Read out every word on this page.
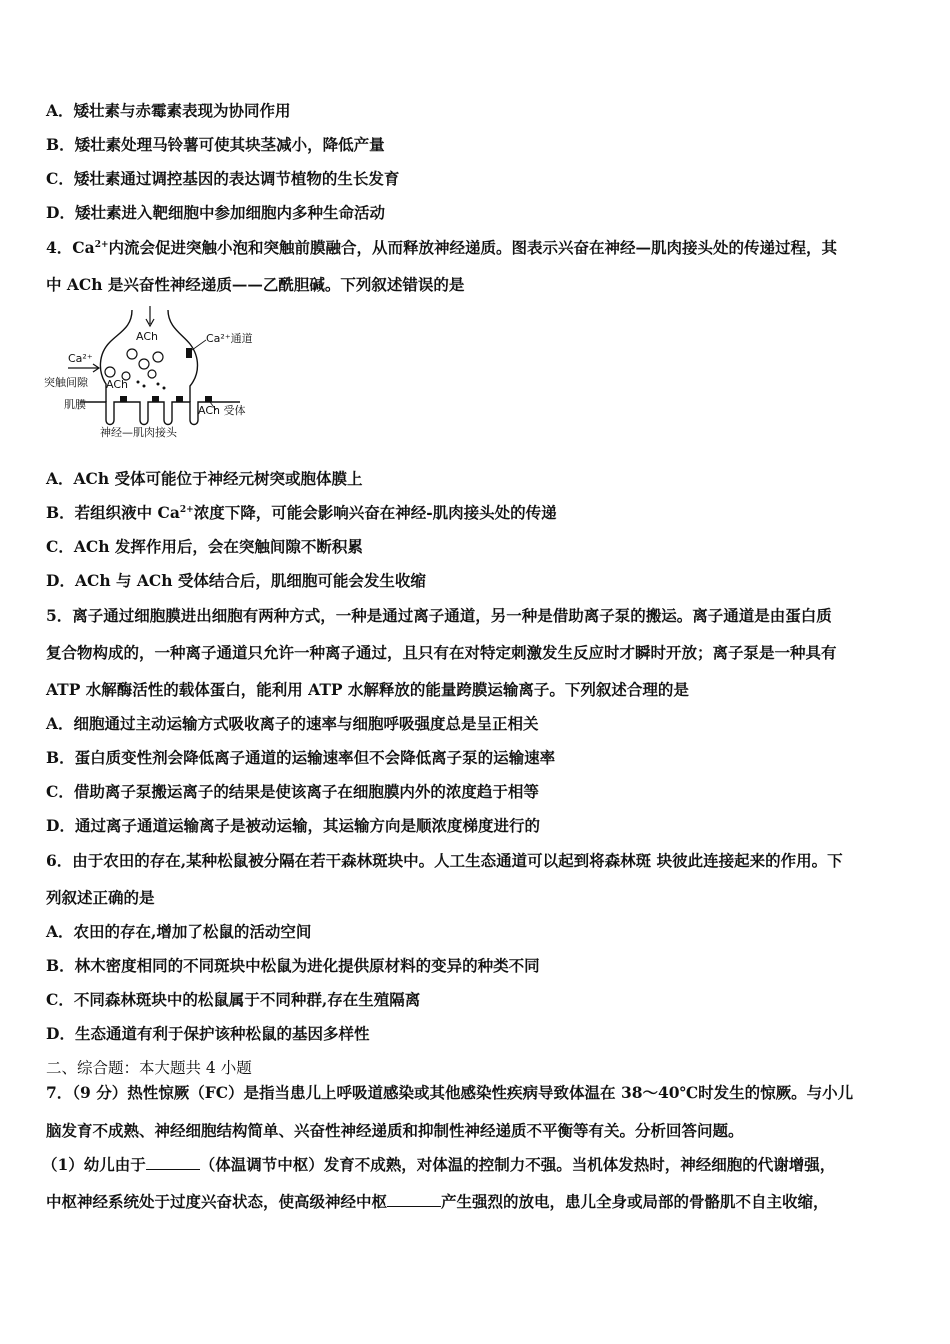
A．矮壮素与赤霉素表现为协同作用
B．矮壮素处理马铃薯可使其块茎减小，降低产量
C．矮壮素通过调控基因的表达调节植物的生长发育
D．矮壮素进入靶细胞中参加细胞内多种生命活动
4．$Ca^{2+}$内流会促进突触小泡和突触前膜融合，从而释放神经递质。图表示兴奋在神经—肌肉接头处的传递过程，其
中 ACh 是兴奋性神经递质——乙酰胆碱。下列叙述错误的是
ACh	Ca²⁺通道
Ca²⁺
突触间隙 ACh
肌膜	ACh 受体
神经—肌肉接头
A．ACh 受体可能位于神经元树突或胞体膜上
B．若组织液中 $Ca^{2+}$浓度下降，可能会影响兴奋在神经-肌肉接头处的传递
C．ACh 发挥作用后，会在突触间隙不断积累
D．ACh 与 ACh 受体结合后，肌细胞可能会发生收缩
5．离子通过细胞膜进出细胞有两种方式，一种是通过离子通道，另一种是借助离子泵的搬运。离子通道是由蛋白质
复合物构成的，一种离子通道只允许一种离子通过，且只有在对特定刺激发生反应时才瞬时开放；离子泵是一种具有
ATP 水解酶活性的载体蛋白，能利用 ATP 水解释放的能量跨膜运输离子。下列叙述合理的是
A．细胞通过主动运输方式吸收离子的速率与细胞呼吸强度总是呈正相关
B．蛋白质变性剂会降低离子通道的运输速率但不会降低离子泵的运输速率
C．借助离子泵搬运离子的结果是使该离子在细胞膜内外的浓度趋于相等
D．通过离子通道运输离子是被动运输，其运输方向是顺浓度梯度进行的
6．由于农田的存在,某种松鼠被分隔在若干森林斑块中。人工生态通道可以起到将森林斑 块彼此连接起来的作用。下
列叙述正确的是
A．农田的存在,增加了松鼠的活动空间
B．林木密度相同的不同斑块中松鼠为进化提供原材料的变异的种类不同
C．不同森林斑块中的松鼠属于不同种群,存在生殖隔离
D．生态通道有利于保护该种松鼠的基因多样性
二、综合题：本大题共 4 小题
7．（9 分）热性惊厥（FC）是指当患儿上呼吸道感染或其他感染性疾病导致体温在 38～40℃时发生的惊厥。与小儿
脑发育不成熟、神经细胞结构简单、兴奋性神经递质和抑制性神经递质不平衡等有关。分析回答问题。
（1）幼儿由于	（体温调节中枢）发育不成熟，对体温的控制力不强。当机体发热时，神经细胞的代谢增强，
中枢神经系统处于过度兴奋状态，使高级神经中枢	产生强烈的放电，患儿全身或局部的骨骼肌不自主收缩，
